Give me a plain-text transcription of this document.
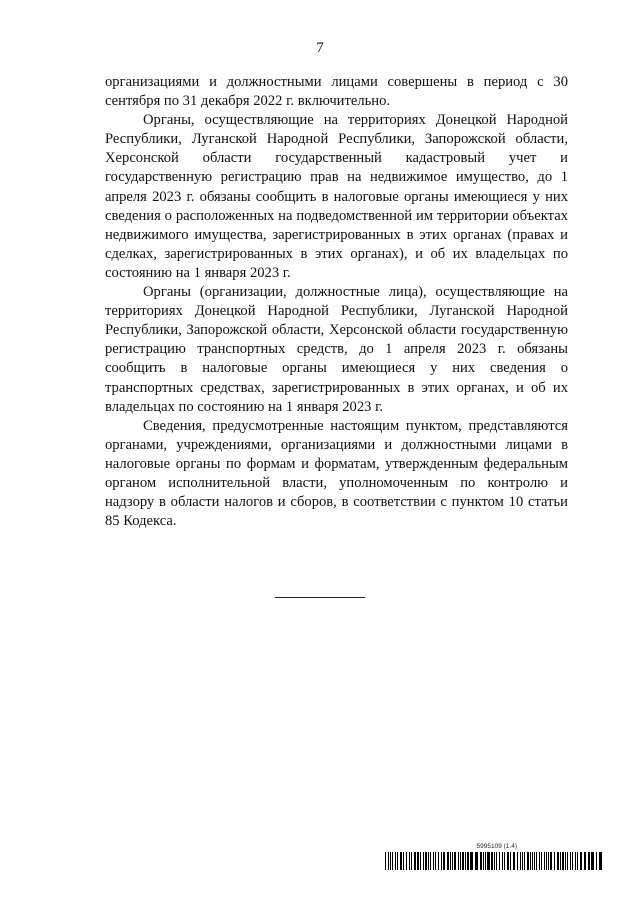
7

организациями и должностными лицами совершены в период с 30 сентября по 31 декабря 2022 г. включительно.

Органы, осуществляющие на территориях Донецкой Народной Республики, Луганской Народной Республики, Запорожской области, Херсонской области государственный кадастровый учет и государственную регистрацию прав на недвижимое имущество, до 1 апреля 2023 г. обязаны сообщить в налоговые органы имеющиеся у них сведения о расположенных на подведомственной им территории объектах недвижимого имущества, зарегистрированных в этих органах (правах и сделках, зарегистрированных в этих органах), и об их владельцах по состоянию на 1 января 2023 г.

Органы (организации, должностные лица), осуществляющие на территориях Донецкой Народной Республики, Луганской Народной Республики, Запорожской области, Херсонской области государственную регистрацию транспортных средств, до 1 апреля 2023 г. обязаны сообщить в налоговые органы имеющиеся у них сведения о транспортных средствах, зарегистрированных в этих органах, и об их владельцах по состоянию на 1 января 2023 г.

Сведения, предусмотренные настоящим пунктом, представляются органами, учреждениями, организациями и должностными лицами в налоговые органы по формам и форматам, утвержденным федеральным органом исполнительной власти, уполномоченным по контролю и надзору в области налогов и сборов, в соответствии с пунктом 10 статьи 85 Кодекса.

5995109 (1.4)
